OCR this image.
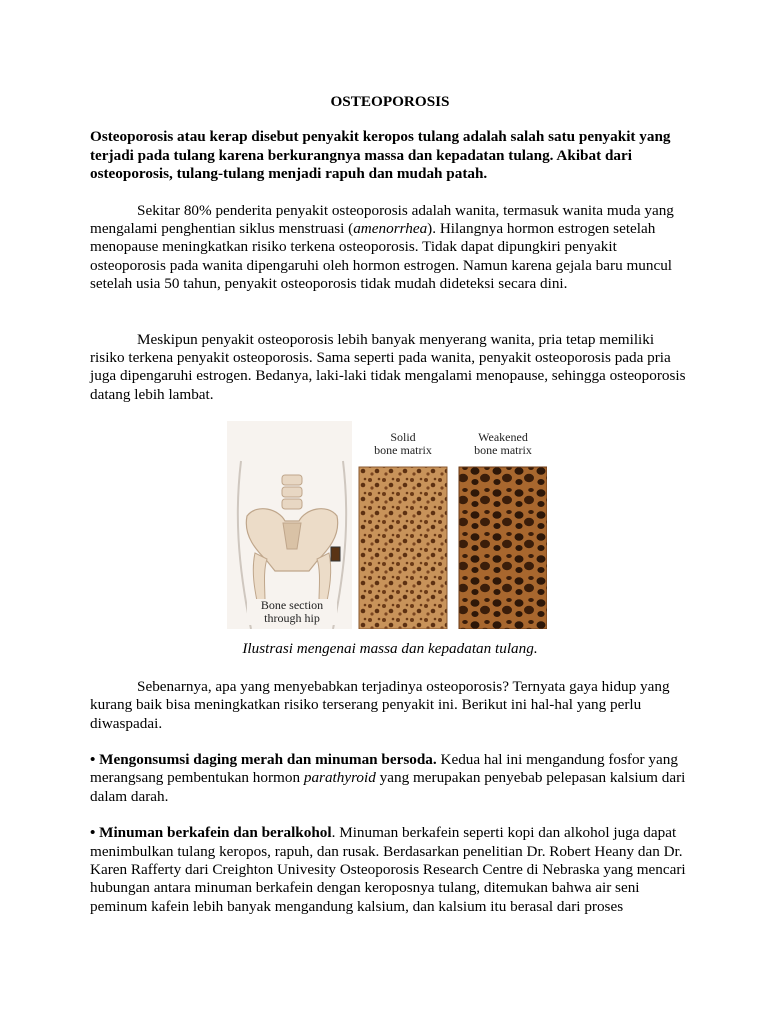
OSTEOPOROSIS

Osteoporosis atau kerap disebut penyakit keropos tulang adalah salah satu penyakit yang terjadi pada tulang karena berkurangnya massa dan kepadatan tulang. Akibat dari osteoporosis, tulang-tulang menjadi rapuh dan mudah patah.

Sekitar 80% penderita penyakit osteoporosis adalah wanita, termasuk wanita muda yang mengalami penghentian siklus menstruasi (amenorrhea). Hilangnya hormon estrogen setelah menopause meningkatkan risiko terkena osteoporosis. Tidak dapat dipungkiri penyakit osteoporosis pada wanita dipengaruhi oleh hormon estrogen. Namun karena gejala baru muncul setelah usia 50 tahun, penyakit osteoporosis tidak mudah dideteksi secara dini.

Meskipun penyakit osteoporosis lebih banyak menyerang wanita, pria tetap memiliki risiko terkena penyakit osteoporosis. Sama seperti pada wanita, penyakit osteoporosis pada pria juga dipengaruhi estrogen. Bedanya, laki-laki tidak mengalami menopause, sehingga osteoporosis datang lebih lambat.

Solid
bone matrix
Weakened
bone matrix
Bone section
through hip

Ilustrasi mengenai massa dan kepadatan tulang.

Sebenarnya, apa yang menyebabkan terjadinya osteoporosis? Ternyata gaya hidup yang kurang baik bisa meningkatkan risiko terserang penyakit ini. Berikut ini hal-hal yang perlu diwaspadai.

• Mengonsumsi daging merah dan minuman bersoda. Kedua hal ini mengandung fosfor yang merangsang pembentukan hormon parathyroid yang merupakan penyebab pelepasan kalsium dari dalam darah.

• Minuman berkafein dan beralkohol. Minuman berkafein seperti kopi dan alkohol juga dapat menimbulkan tulang keropos, rapuh, dan rusak. Berdasarkan penelitian Dr. Robert Heany dan Dr. Karen Rafferty dari Creighton Univesity Osteoporosis Research Centre di Nebraska yang mencari hubungan antara minuman berkafein dengan keroposnya tulang, ditemukan bahwa air seni peminum kafein lebih banyak mengandung kalsium, dan kalsium itu berasal dari proses
